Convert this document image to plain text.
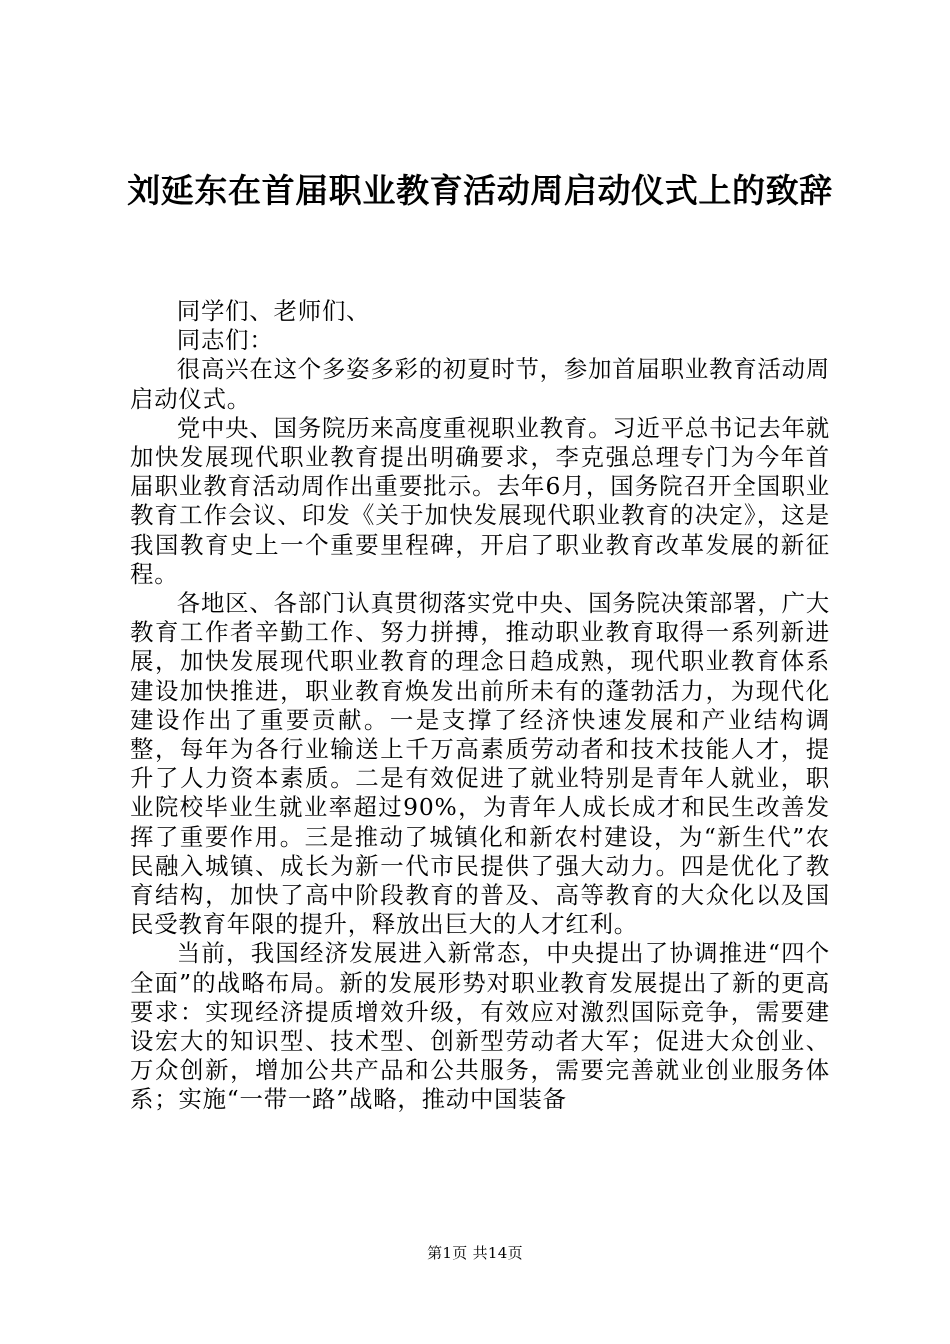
刘延东在首届职业教育活动周启动仪式上的致辞

同学们、老师们、

同志们：

很高兴在这个多姿多彩的初夏时节，参加首届职业教育活动周启动仪式。

党中央、国务院历来高度重视职业教育。习近平总书记去年就加快发展现代职业教育提出明确要求，李克强总理专门为今年首届职业教育活动周作出重要批示。去年6月，国务院召开全国职业教育工作会议、印发《关于加快发展现代职业教育的决定》，这是我国教育史上一个重要里程碑，开启了职业教育改革发展的新征程。

各地区、各部门认真贯彻落实党中央、国务院决策部署，广大教育工作者辛勤工作、努力拼搏，推动职业教育取得一系列新进展，加快发展现代职业教育的理念日趋成熟，现代职业教育体系建设加快推进，职业教育焕发出前所未有的蓬勃活力，为现代化建设作出了重要贡献。一是支撑了经济快速发展和产业结构调整，每年为各行业输送上千万高素质劳动者和技术技能人才，提升了人力资本素质。二是有效促进了就业特别是青年人就业，职业院校毕业生就业率超过90%，为青年人成长成才和民生改善发挥了重要作用。三是推动了城镇化和新农村建设，为“新生代”农民融入城镇、成长为新一代市民提供了强大动力。四是优化了教育结构，加快了高中阶段教育的普及、高等教育的大众化以及国民受教育年限的提升，释放出巨大的人才红利。

当前，我国经济发展进入新常态，中央提出了协调推进“四个全面”的战略布局。新的发展形势对职业教育发展提出了新的更高要求：实现经济提质增效升级，有效应对激烈国际竞争，需要建设宏大的知识型、技术型、创新型劳动者大军；促进大众创业、万众创新，增加公共产品和公共服务，需要完善就业创业服务体系；实施“一带一路”战略，推动中国装备

第1页 共14页
